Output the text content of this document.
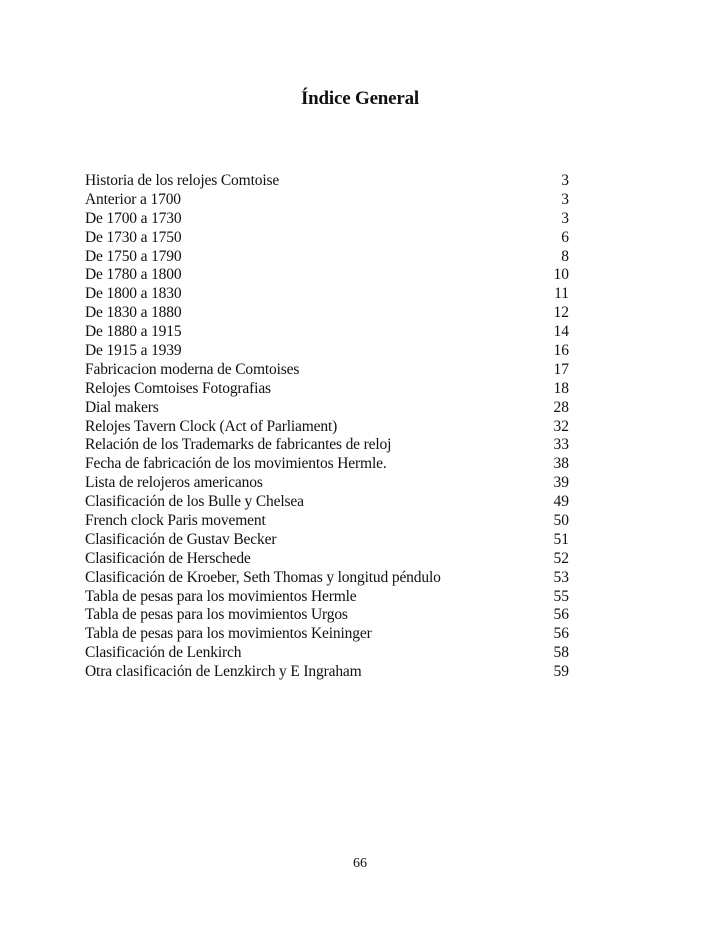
Índice General
Historia de los relojes Comtoise	3
Anterior a 1700	3
De 1700 a 1730	3
De 1730 a 1750	6
De 1750 a 1790	8
De 1780 a 1800	10
De 1800 a 1830	11
De 1830 a 1880	12
De 1880 a 1915	14
De 1915 a 1939	16
Fabricacion moderna de Comtoises	17
Relojes Comtoises Fotografias	18
Dial makers	28
Relojes Tavern Clock (Act of Parliament)	32
Relación de los Trademarks de fabricantes de reloj	33
Fecha de fabricación de los movimientos Hermle.	38
Lista de relojeros americanos	39
Clasificación de los Bulle y Chelsea	49
French clock Paris movement	50
Clasificación de Gustav Becker	51
Clasificación de Herschede	52
Clasificación de Kroeber, Seth Thomas y longitud péndulo	53
Tabla de pesas para los movimientos Hermle	55
Tabla de pesas para los movimientos Urgos	56
Tabla de pesas para los movimientos Keininger	56
Clasificación de Lenkirch	58
Otra clasificación de Lenzkirch y E Ingraham	59
66
